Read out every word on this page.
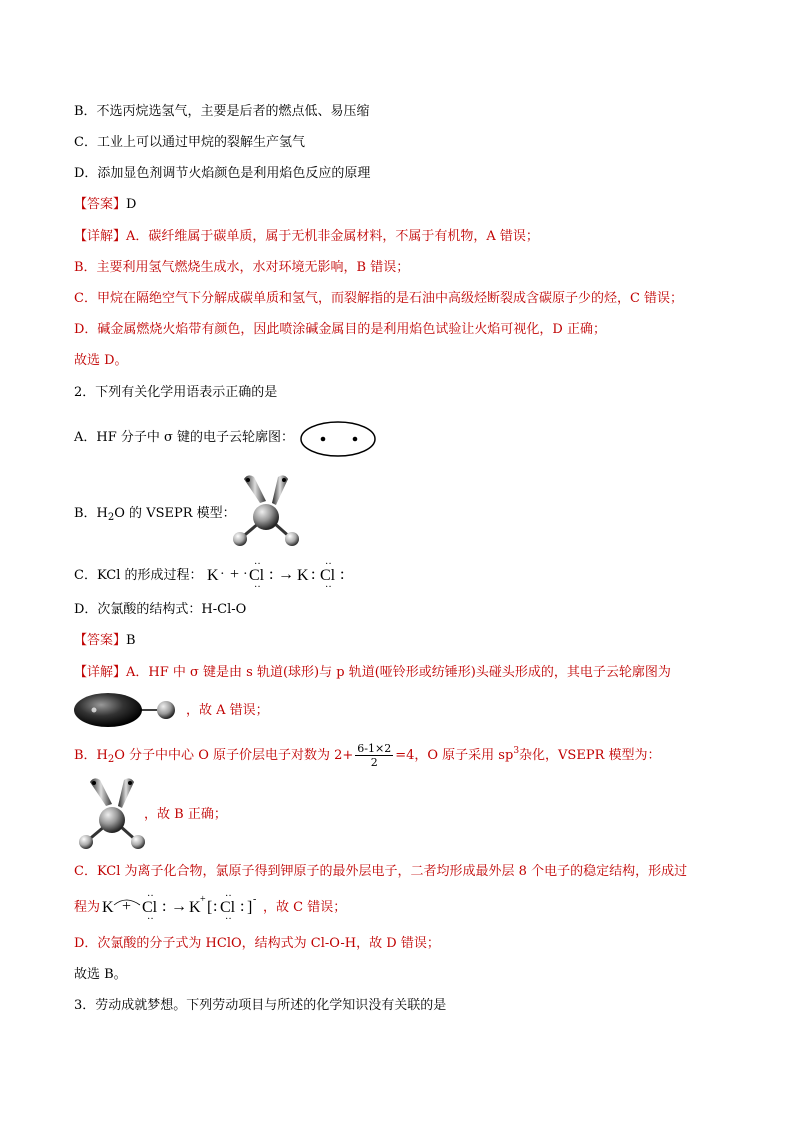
B．不选丙烷选氢气，主要是后者的燃点低、易压缩
C．工业上可以通过甲烷的裂解生产氢气
D．添加显色剂调节火焰颜色是利用焰色反应的原理
【答案】D
【详解】A．碳纤维属于碳单质，属于无机非金属材料，不属于有机物，A 错误；
B．主要利用氢气燃烧生成水，水对环境无影响，B 错误；
C．甲烷在隔绝空气下分解成碳单质和氢气，而裂解指的是石油中高级烃断裂成含碳原子少的烃，C 错误；
D．碱金属燃烧火焰带有颜色，因此喷涂碱金属目的是利用焰色试验让火焰可视化，D 正确；
故选 D。
2．下列有关化学用语表示正确的是
A．HF 分子中 σ 键的电子云轮廓图：
B．$H_2O$ 的 VSEPR 模型：
C．KCl 的形成过程： K · + · Cl
··
··
: → K : Cl
··
··
:
D．次氯酸的结构式：H-Cl-O
【答案】B
【详解】A．HF 中 σ 键是由 s 轨道(球形)与 p 轨道(哑铃形或纺锤形)头碰头形成的，其电子云轮廓图为
，故 A 错误；
B．$H_2O$ 分子中中心 O 原子价层电子对数为 $2+ \frac{6-1\times 2}{2} =4$，O 原子采用 $sp^3$杂化，VSEPR 模型为：
，故 B 正确；
C．KCl 为离子化合物，氯原子得到钾原子的最外层电子，二者均形成最外层 8 个电子的稳定结构，形成过
程为 K + Cl
··
··
: → K + [ : Cl
··
··
: ] -
，故 C 错误；
D．次氯酸的分子式为 HClO，结构式为 Cl-O-H，故 D 错误；
故选 B。
3．劳动成就梦想。下列劳动项目与所述的化学知识没有关联的是
